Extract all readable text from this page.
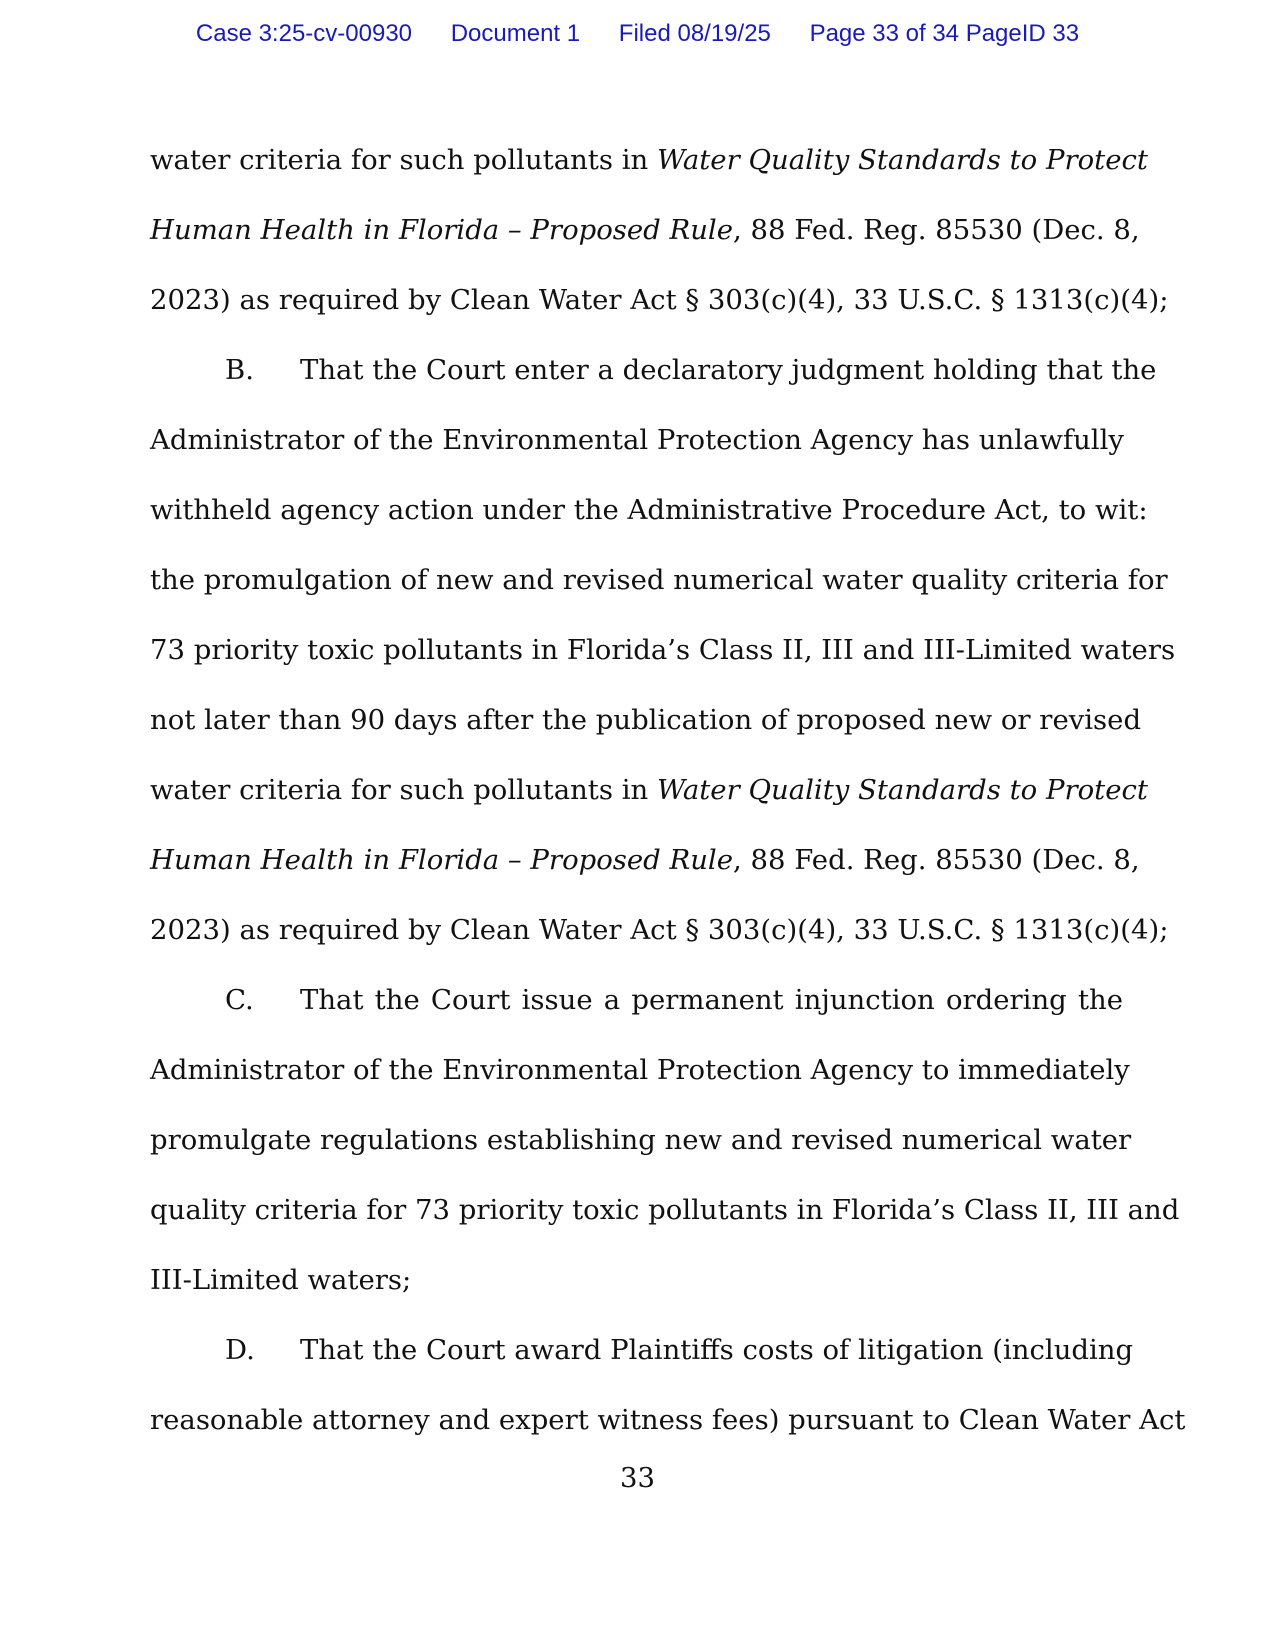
Case 3:25-cv-00930 Document 1 Filed 08/19/25 Page 33 of 34 PageID 33
water criteria for such pollutants in Water Quality Standards to Protect
Human Health in Florida – Proposed Rule, 88 Fed. Reg. 85530 (Dec. 8,
2023) as required by Clean Water Act § 303(c)(4), 33 U.S.C. § 1313(c)(4);
B. That the Court enter a declaratory judgment holding that the
Administrator of the Environmental Protection Agency has unlawfully
withheld agency action under the Administrative Procedure Act, to wit:
the promulgation of new and revised numerical water quality criteria for
73 priority toxic pollutants in Florida’s Class II, III and III-Limited waters
not later than 90 days after the publication of proposed new or revised
water criteria for such pollutants in Water Quality Standards to Protect
Human Health in Florida – Proposed Rule, 88 Fed. Reg. 85530 (Dec. 8,
2023) as required by Clean Water Act § 303(c)(4), 33 U.S.C. § 1313(c)(4);
C. That the Court issue a permanent injunction ordering the
Administrator of the Environmental Protection Agency to immediately
promulgate regulations establishing new and revised numerical water
quality criteria for 73 priority toxic pollutants in Florida’s Class II, III and
III-Limited waters;
D. That the Court award Plaintiffs costs of litigation (including
reasonable attorney and expert witness fees) pursuant to Clean Water Act
33
